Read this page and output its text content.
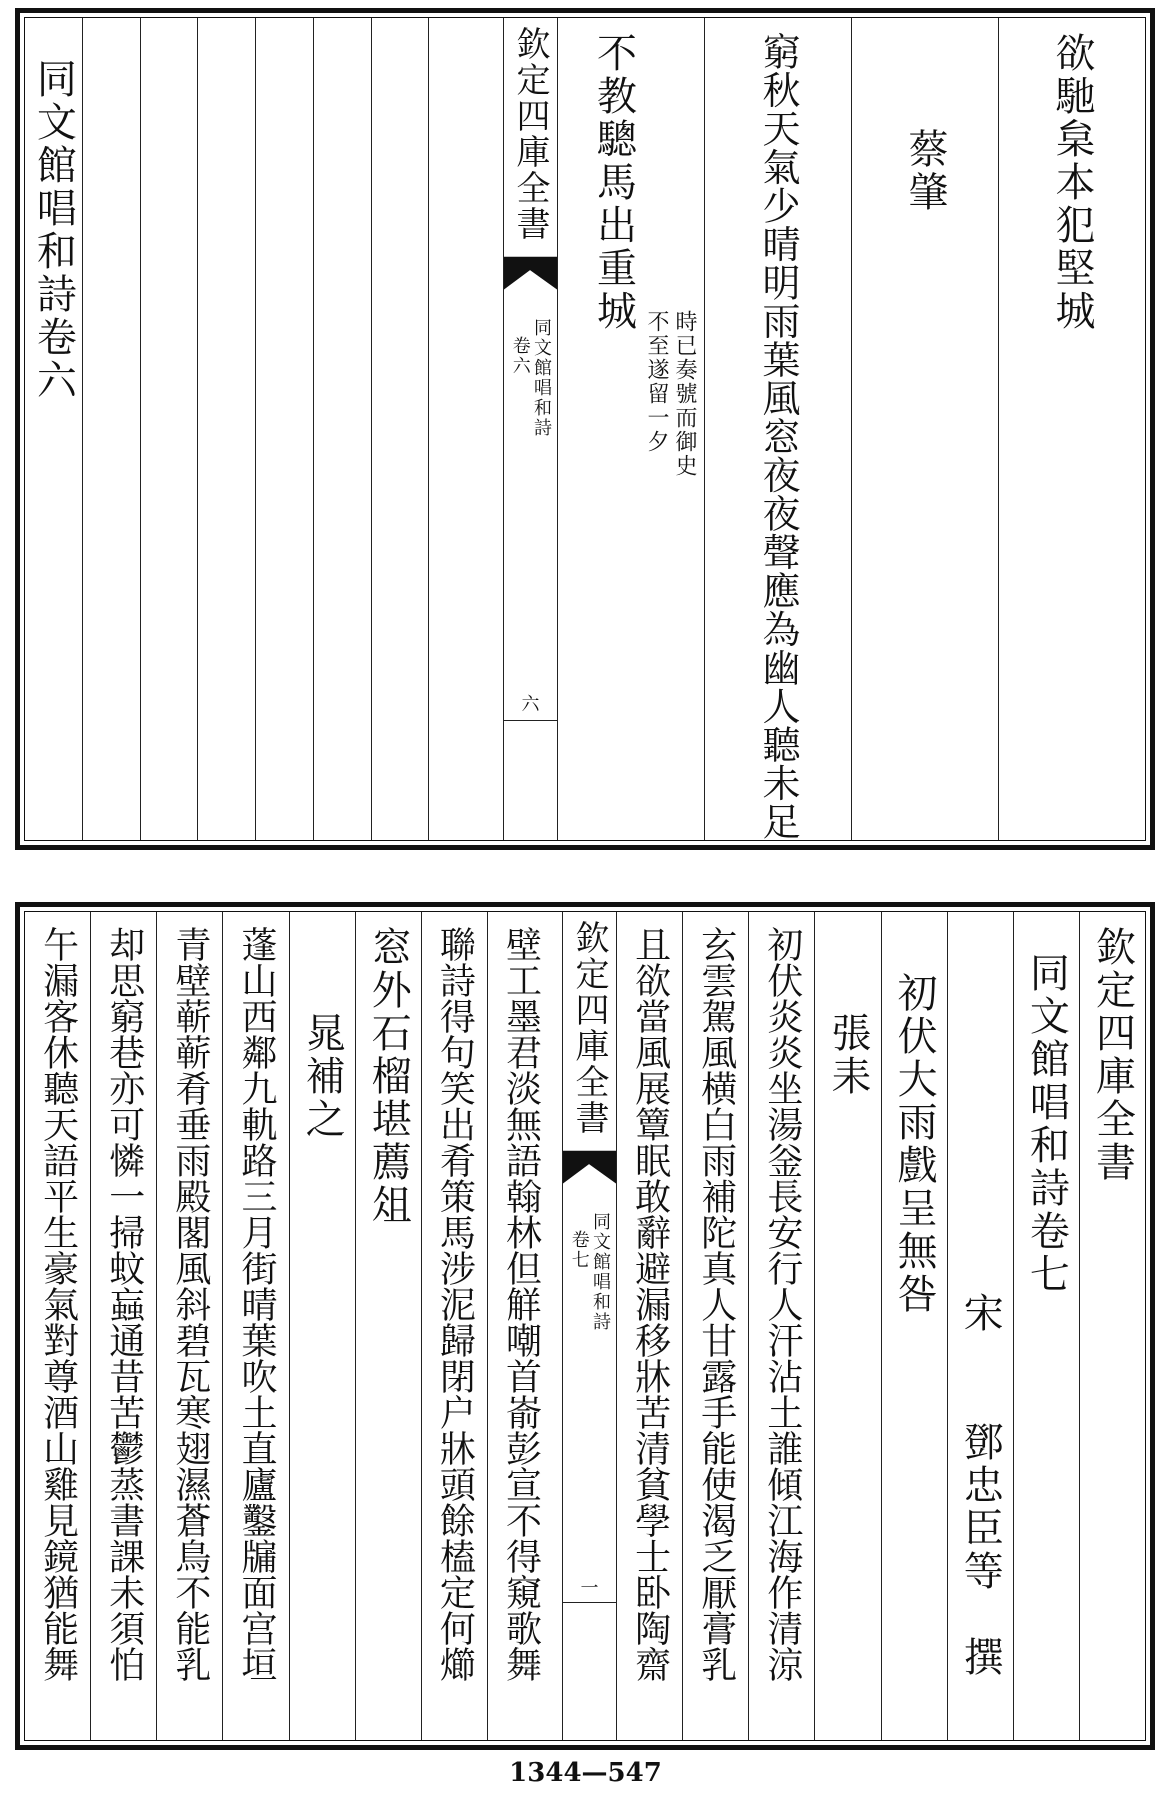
欲馳枲本犯堅城
蔡肇
窮秋天氣少晴明雨葉風窓夜夜聲應為幽人聽未足
不教驄馬出重城
時已奏號而御史
不至遂留一夕
欽定四庫全書
同文館唱和詩
卷六
六
同文館唱和詩卷六
欽定四庫全書
同文館唱和詩卷七
宋　　鄧忠臣等　撰
初伏大雨戲呈無咎
張耒
初伏炎炎坐湯釡長安行人汗沾土誰傾江海作清涼
玄雲駕風横白雨補陀真人甘露手能使渴乏厭膏乳
且欲當風展簟眠敢辭避漏移牀苦清貧學士卧陶齋
欽定四庫全書
同文館唱和詩
卷七
一
壁工墨君淡無語翰林但觧嘲首嵛彭宣不得窺歌舞
聯詩得句笑出肴策馬涉泥歸閉户牀頭餘榼定何㸅
窓外石榴堪薦俎
晁補之
蓬山西鄰九軌路三月街晴葉吹土直廬鑿牖面宫垣
青壁蕲蕲肴垂雨殿閣風斜碧瓦寒翅濕蒼鳥不能乳
却思窮巷亦可憐一掃蚊蝱通昔苦鬱蒸書課未須怕
午漏客休聽天語平生豪氣對尊酒山雞見鏡猶能舞
1344—547
